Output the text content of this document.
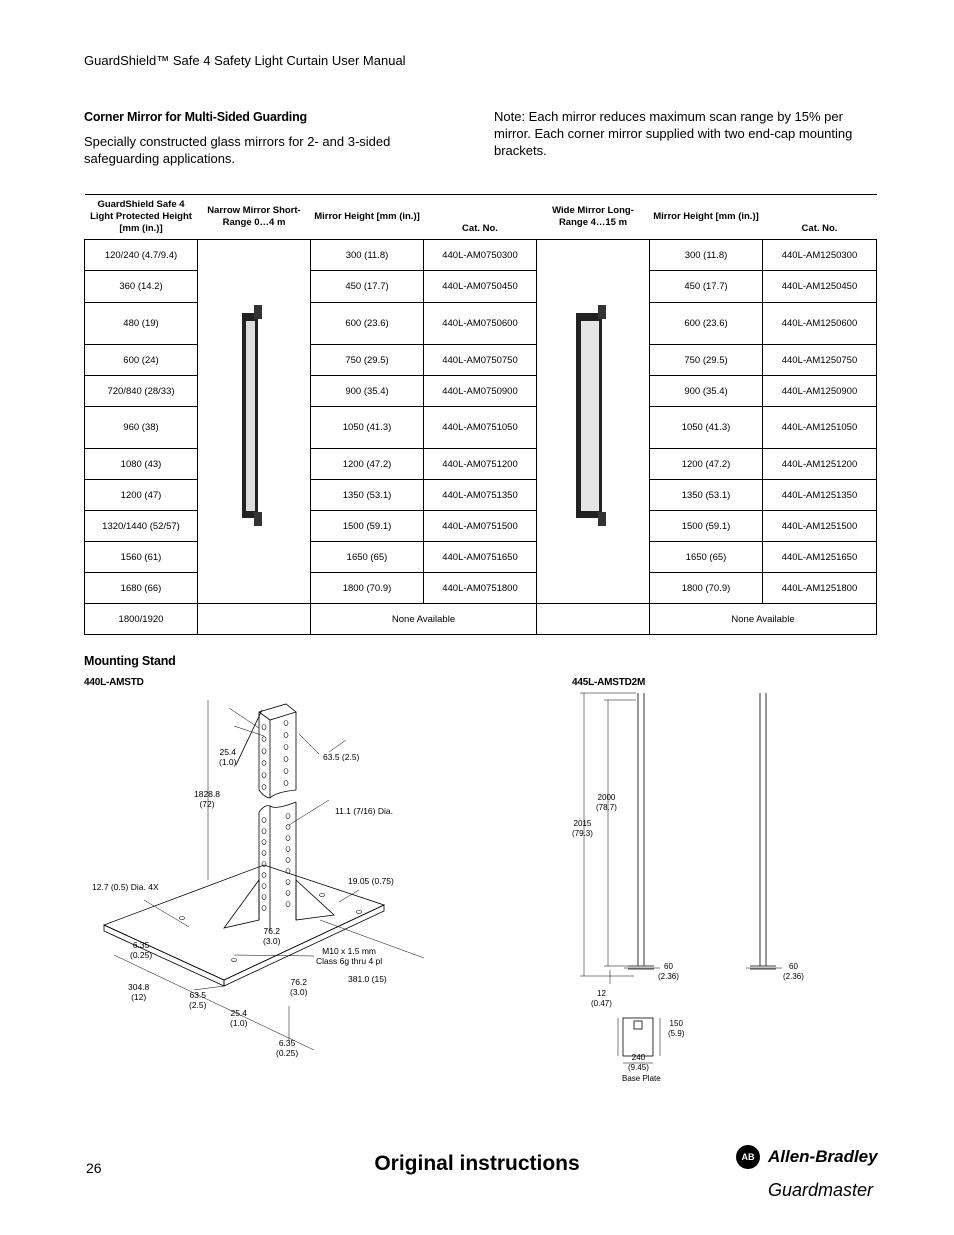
GuardShield™ Safe 4 Safety Light Curtain User Manual
Corner Mirror for Multi-Sided Guarding
Specially constructed glass mirrors for 2- and 3-sided safeguarding applications.
Note: Each mirror reduces maximum scan range by 15% per mirror. Each corner mirror supplied with two end-cap mounting brackets.
GuardShield Safe 4 Light Protected Height [mm (in.)]	Narrow Mirror Short-Range 0…4 m	Mirror Height [mm (in.)]	Cat. No.	Wide Mirror Long-Range 4…15 m	Mirror Height [mm (in.)]	Cat. No.
120/240 (4.7/9.4)		300 (11.8)	440L-AM0750300		300 (11.8)	440L-AM1250300
360 (14.2)		450 (17.7)	440L-AM0750450		450 (17.7)	440L-AM1250450
480 (19)		600 (23.6)	440L-AM0750600		600 (23.6)	440L-AM1250600
600 (24)		750 (29.5)	440L-AM0750750		750 (29.5)	440L-AM1250750
720/840 (28/33)		900 (35.4)	440L-AM0750900		900 (35.4)	440L-AM1250900
960 (38)		1050 (41.3)	440L-AM0751050		1050 (41.3)	440L-AM1251050
1080 (43)		1200 (47.2)	440L-AM0751200		1200 (47.2)	440L-AM1251200
1200 (47)		1350 (53.1)	440L-AM0751350		1350 (53.1)	440L-AM1251350
1320/1440 (52/57)		1500 (59.1)	440L-AM0751500		1500 (59.1)	440L-AM1251500
1560 (61)		1650 (65)	440L-AM0751650		1650 (65)	440L-AM1251650
1680 (66)		1800 (70.9)	440L-AM0751800		1800 (70.9)	440L-AM1251800
1800/1920		None Available			None Available	
Mounting Stand
440L-AMSTD	445L-AMSTD2M
25.4
(1.0)	63.5 (2.5)
1828.8
(72)
11.1 (7/16) Dia.
12.7 (0.5) Dia. 4X
19.05 (0.75)
6.35
(0.25)
76.2
(3.0)
M10 x 1.5 mm
Class 6g thru 4 pl
304.8
(12)	63.5
(2.5)
76.2
(3.0)
381.0 (15)
25.4
(1.0)
6.35
(0.25)
2000
(78.7)
2015
(79.3)
60
(2.36)
60
(2.36)
12
(0.47)
150
(5.9)
240
(9.45)
Base Plate
26	Original instructions	AB Allen-Bradley
Guardmaster
